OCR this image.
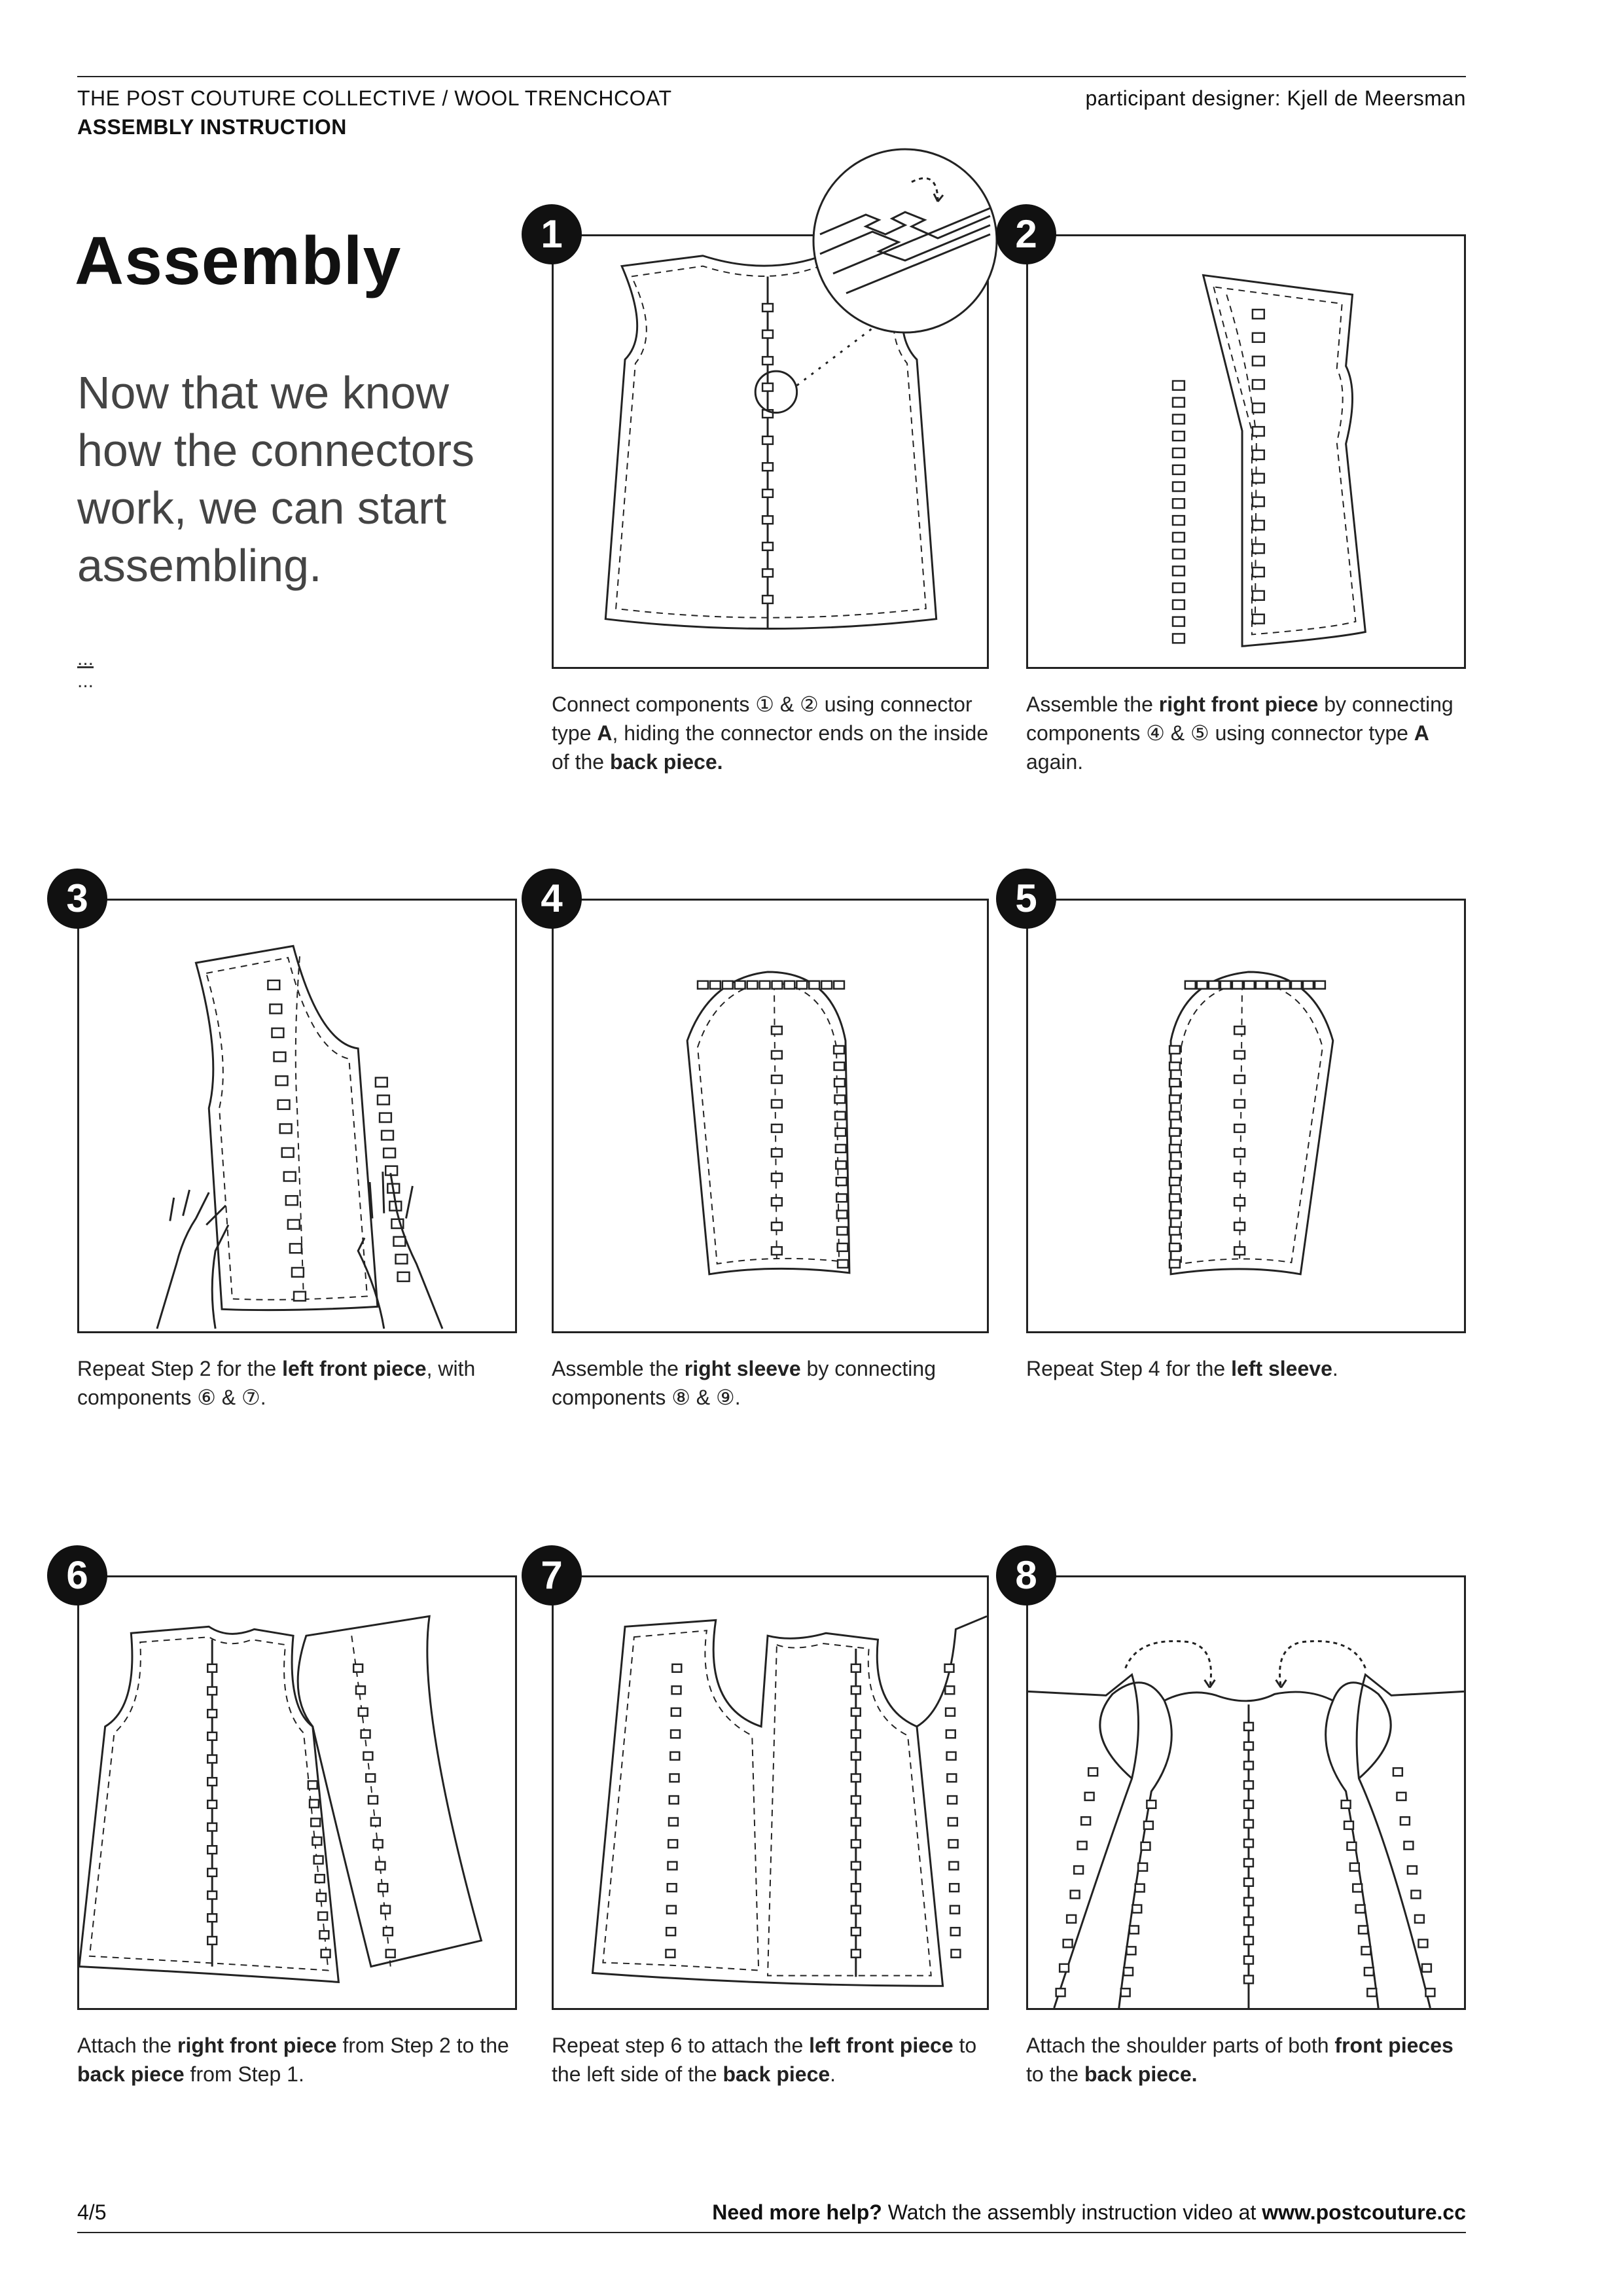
THE POST COUTURE COLLECTIVE / WOOL TRENCHCOAT
ASSEMBLY INSTRUCTION
participant designer: Kjell de Meersman
Assembly
Now that we know
how the connectors
work, we can start
assembling.
...
...
1
Connect components ① & ② using connector type A, hiding the connector ends on the inside of the back piece.
2
Assemble the right front piece by connecting components ④ & ⑤ using connector type A again.
3
Repeat Step 2 for the left front piece, with components ⑥ & ⑦.
4
Assemble the right sleeve by connecting components ⑧ & ⑨.
5
Repeat Step 4 for the left sleeve.
6
Attach the right front piece from Step 2 to the back piece from Step 1.
7
Repeat step 6 to attach the left front piece to the left side of the back piece.
8
Attach the shoulder parts of both front pieces to the back piece.
4/5	Need more help? Watch the assembly instruction video at www.postcouture.cc
